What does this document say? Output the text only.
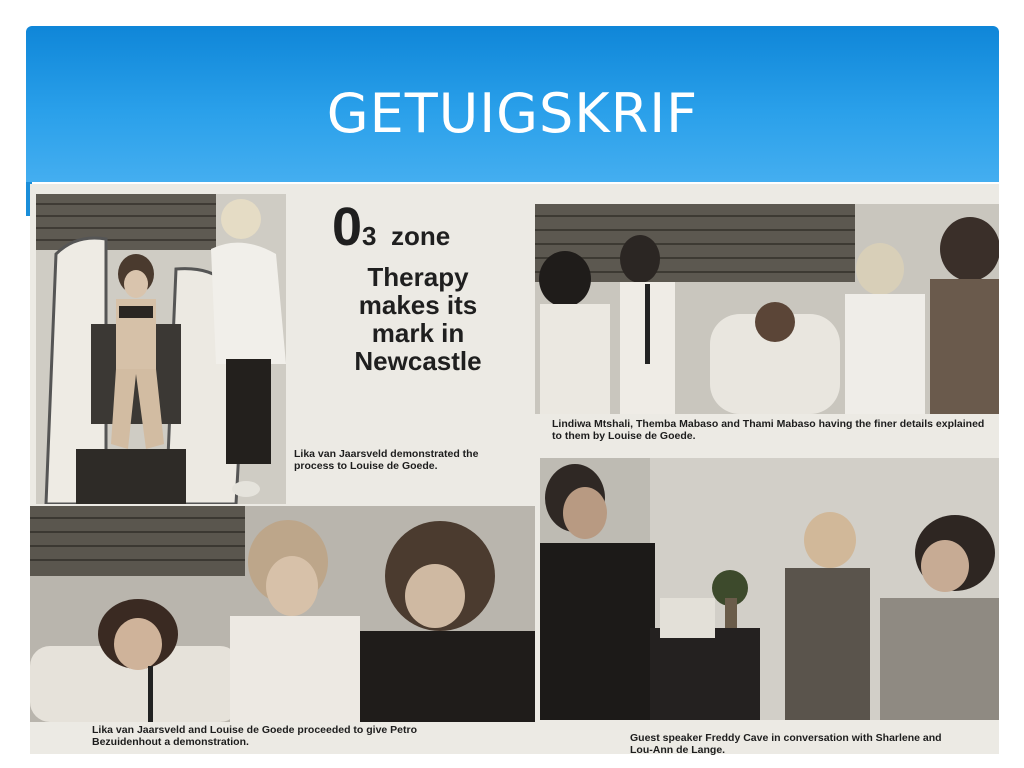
GETUIGSKRIF
03 zone
Therapy
makes its
mark in
Newcastle
Lika van Jaarsveld demonstrated the process to Louise de Goede.
Lindiwa Mtshali, Themba Mabaso and Thami Mabaso having the finer details explained to them by Louise de Goede.
Lika van Jaarsveld and Louise de Goede proceeded to give Petro Bezuidenhout a demonstration.	Guest speaker Freddy Cave in conversation with Sharlene and Lou-Ann de Lange.
